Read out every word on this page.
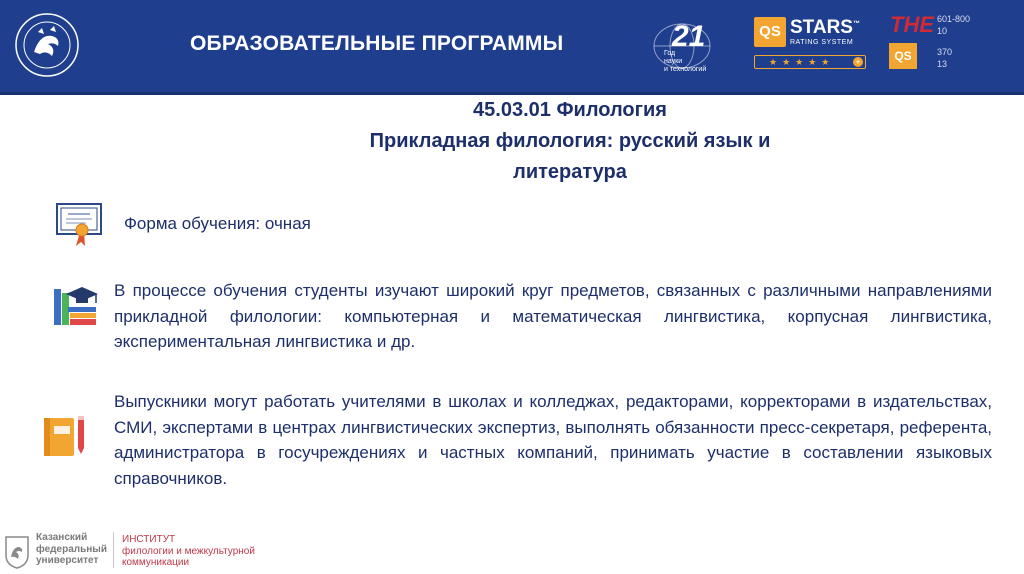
ОБРАЗОВАТЕЛЬНЫЕ ПРОГРАММЫ	21
Год
науки
и технологий
QS STARS™
RATING SYSTEM
★★★★★ +
THE
QS
601-800
10
370
13
45.03.01 Филология
Прикладная филология: русский язык и
литература
Форма обучения: очная
В процессе обучения студенты изучают широкий круг предметов, связанных с различными направлениями прикладной филологии: компьютерная и математическая лингвистика, корпусная лингвистика, экспериментальная лингвистика и др.
Выпускники могут работать учителями в школах и колледжах, редакторами, корректорами в издательствах, СМИ, экспертами в центрах лингвистических экспертиз, выполнять обязанности пресс-секретаря, референта, администратора в госучреждениях и частных компаний, принимать участие в составлении языковых справочников.
Казанский
федеральный
университет
ИНСТИТУТ
филологии и межкультурной
коммуникации
